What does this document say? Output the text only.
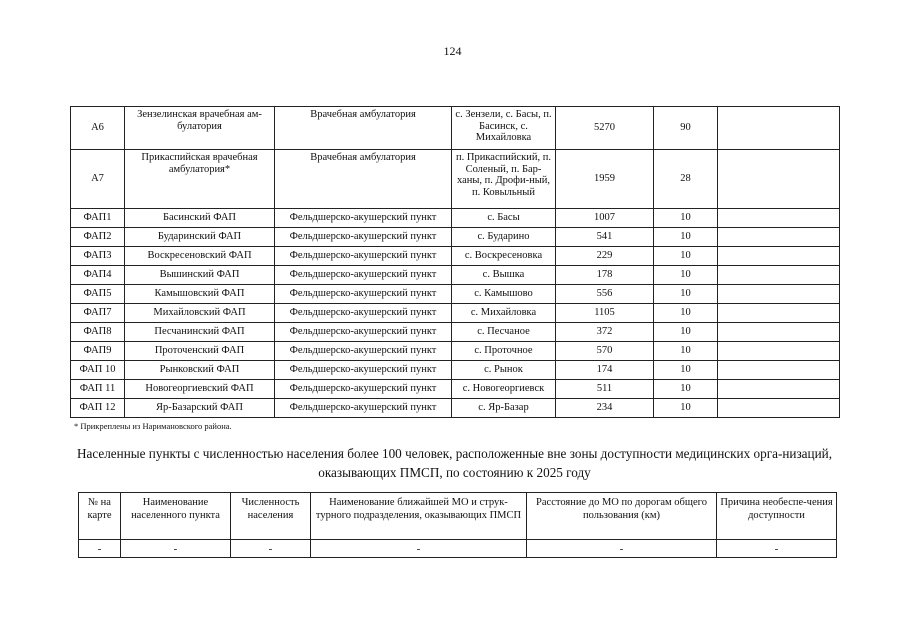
124
А6	Зензелинская врачебная ам-булатория	Врачебная амбулатория	с. Зензели, с. Басы, п. Басинск, с. Михайловка	5270	90	
А7	Прикаспийская врачебная амбулатория*	Врачебная амбулатория	п. Прикаспийский, п. Соленый, п. Бар-ханы, п. Дрофи-ный, п. Ковыльный	1959	28	
ФАП1	Басинский ФАП	Фельдшерско-акушерский пункт	с. Басы	1007	10	
ФАП2	Бударинский ФАП	Фельдшерско-акушерский пункт	с. Бударино	541	10	
ФАП3	Воскресеновский ФАП	Фельдшерско-акушерский пункт	с. Воскресеновка	229	10	
ФАП4	Вышинский ФАП	Фельдшерско-акушерский пункт	с. Вышка	178	10	
ФАП5	Камышовский ФАП	Фельдшерско-акушерский пункт	с. Камышово	556	10	
ФАП7	Михайловский ФАП	Фельдшерско-акушерский пункт	с. Михайловка	1105	10	
ФАП8	Песчанинский ФАП	Фельдшерско-акушерский пункт	с. Песчаное	372	10	
ФАП9	Проточенский ФАП	Фельдшерско-акушерский пункт	с. Проточное	570	10	
ФАП 10	Рынковский ФАП	Фельдшерско-акушерский пункт	с. Рынок	174	10	
ФАП 11	Новогеоргиевский ФАП	Фельдшерско-акушерский пункт	с. Новогеоргиевск	511	10	
ФАП 12	Яр-Базарский ФАП	Фельдшерско-акушерский пункт	с. Яр-Базар	234	10	
* Прикреплены из Наримановского района.
Населенные пункты с численностью населения более 100 человек, расположенные вне зоны доступности медицинских орга-низаций, оказывающих ПМСП, по состоянию к 2025 году
№ на карте	Наименование населенного пункта	Численность населения	Наименование ближайшей МО и струк-турного подразделения, оказывающих ПМСП	Расстояние до МО по дорогам общего пользования (км)	Причина необеспе-чения доступности
-	-	-	-	-	-
